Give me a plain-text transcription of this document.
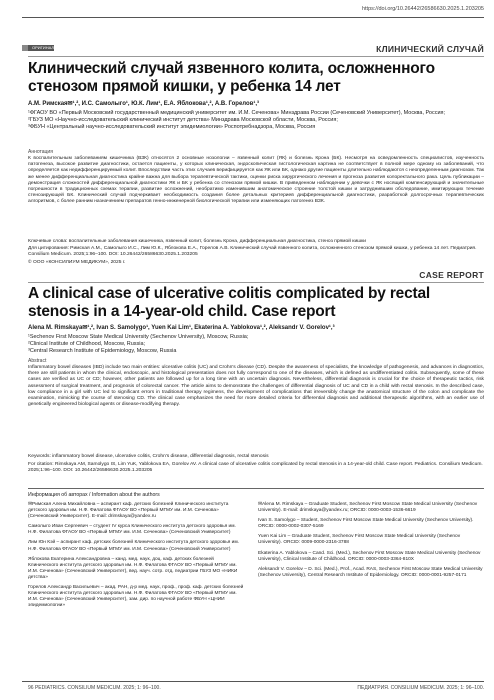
https://doi.org/10.26442/26586630.2025.1.203205
ОРИГИНАЛЬНАЯ СТАТЬЯ	КЛИНИЧЕСКИЙ СЛУЧАЙ
Клинический случай язвенного колита, осложненного стенозом прямой кишки, у ребенка 14 лет
А.М. Римская✉¹,², И.С. Самолыго¹, Ю.К. Лим¹, Е.А. Яблокова¹,², А.В. Горелов¹,³

¹ФГАОУ ВО «Первый Московский государственный медицинский университет им. И.М. Сеченова» Минздрава России (Сеченовский Университет), Москва, Россия;

²ГБУЗ МО «Научно-исследовательский клинический институт детства» Минздрава Московской области, Москва, Россия;

³ФБУН «Центральный научно-исследовательский институт эпидемиологии» Роспотребнадзора, Москва, Россия

Аннотация

К воспалительным заболеваниям кишечника (ВЗК) относятся 2 основные нозологии – язвенный колит (ЯК) и болезнь Крона (БК). Несмотря на осведомленность специалистов, изученность патогенеза, высокое развитие диагностики, остается пациенты, у которых клиническая, эндоскопическая гистологическая картина не соответствует в полной мере одному из заболеваний, что определяется как недифференцируемый колит. Впоследствии часть этих случаев верифицируется как ЯК или БК, однако другие пациенты длительно наблюдаются с неопределенным диагнозом. Так же менее дифференциальная диагностика крайне важна для выбора терапевтической тактики, оценки риска хирургического лечения и прогноза развития колоректального рака. Цель публикации – демонстрация сложностей дифференциальной диагностики ЯК и БК у ребенка со стенозом прямой кишки. В приведенном наблюдении у девочки с ЯК носящий компенсирующий и значительные погрешности в традиционных схемах терапии, развитие осложнений, необратимо изменившим анатомическое строение толстой кишки и затруднившим обследование, имитирующих течение стенозирующей БК. Клинический случай подчеркивает необходимость создания более детальных критериев дифференциальной диагностики, разработкой долгосрочных терапевтических алгоритмов, с более ранним назначением препаратов генно-инженерной биологической терапии или изменяющих патогенез ВЗК.

Ключевые слова: воспалительные заболевания кишечника, язвенный колит, болезнь Крона, дифференциальная диагностика, стеноз прямой кишки

Для цитирования: Римская А.М., Самолыго И.С., Лим Ю.К., Яблокова Е.А., Горелов А.В. Клинический случай язвенного колита, осложненного стенозом прямой кишки, у ребенка 14 лет. Педиатрия. Consilium Medicum. 2025;1:96–100. DOI: 10.26442/26586630.2025.1.203205

© ООО «КОНСИЛИУМ МЕДИКУМ», 2025 г.

CASE REPORT
A clinical case of ulcerative colitis complicated by rectal stenosis in a 14-year-old child. Case report
Alena M. Rimskaya✉¹,², Ivan S. Samolygo¹, Yuen Kai Lim¹, Ekaterina A. Yablokova¹,², Aleksandr V. Gorelov¹,³

¹Sechenov First Moscow State Medical University (Sechenov University), Moscow, Russia;

²Clinical Institute of Childhood, Moscow, Russia;

³Central Research Institute of Epidemiology, Moscow, Russia

Abstract

Inflammatory bowel diseases (IBD) include two main entities: ulcerative colitis (UC) and Crohn's disease (CD). Despite the awareness of specialists, the knowledge of pathogenesis, and advances in diagnostics, there are still patients in whom the clinical, endoscopic, and histological presentation does not fully correspond to one of the diseases, which is defined as undifferentiated colitis. Subsequently, some of these cases are verified as UC or CD; however, other patients are followed up for a long time with an uncertain diagnosis. Nevertheless, differential diagnosis is crucial for the choice of therapeutic tactics, risk assessment of surgical treatment, and prognosis of colorectal cancer. The article aims to demonstrate the challenges of differential diagnosis of UC and CD in a child with rectal stenosis. In the described case, low compliance in a girl with UC led to significant errors in traditional therapy regimens, the development of complications that irreversibly change the anatomical structure of the colon and complicate the examination, mimicking the course of stenosing CD. The clinical case emphasizes the need for more detailed criteria for differential diagnosis and additional therapeutic algorithms, with an earlier use of genetically engineered biological agents or disease-modifying therapy.

Keywords: inflammatory bowel disease, ulcerative colitis, Crohn's disease, differential diagnosis, rectal stenosis

For citation: Rimskaya AM, Samolygo IS, Lim YuK, Yablokova EA, Gorelov AV. A clinical case of ulcerative colitis complicated by rectal stenosis in a 14-year-old child. Case report. Pediatrics. Consilium Medicum. 2025;1:96–100. DOI: 10.26442/26586630.2025.1.203205

Информация об авторах / Information about the authors

✉Римская Алена Михайловна – аспирант каф. детских болезней Клинического института детского здоровья им. Н.Ф. Филатова ФГАОУ ВО «Первый МГМУ им. И.М. Сеченова» (Сеченовский Университет). E-mail: drimskaya@yandex.ru

Самолыго Иван Сергеевич – студент IV курса Клинического института детского здоровья им. Н.Ф. Филатова ФГАОУ ВО «Первый МГМУ им. И.М. Сеченова» (Сеченовский Университет)

Лим Юн Кэй – аспирант каф. детских болезней Клинического института детского здоровья им. Н.Ф. Филатова ФГАОУ ВО «Первый МГМУ им. И.М. Сеченова» (Сеченовский Университет)

Яблокова Екатерина Александровна – канд. мед. наук, доц. каф. детских болезней Клинического института детского здоровья им. Н.Ф. Филатова ФГАОУ ВО «Первый МГМУ им. И.М. Сеченова» (Сеченовский Университет), вед. науч. сотр. отд. педиатрии ГБУЗ МО «НИКИ детства»

Горелов Александр Васильевич – акад. РАН, д-р мед. наук, проф., проф. каф. детских болезней Клинического института детского здоровья им. Н.Ф. Филатова ФГАОУ ВО «Первый МГМУ им. И.М. Сеченова» (Сеченовский Университет), зам. дир. по научной работе ФБУН «ЦНИИ эпидемиологии»

✉Alena M. Rimskaya – Graduate Student, Sechenov First Moscow State Medical University (Sechenov University). E-mail: drimskaya@yandex.ru; ORCID: 0000-0003-1536-6619

Ivan S. Samolygo – Student, Sechenov First Moscow State Medical University (Sechenov University). ORCID: 0000-0002-0307-5169

Yuen Kai Lim – Graduate Student, Sechenov First Moscow State Medical University (Sechenov University). ORCID: 0009-0000-2316-3788

Ekaterina A. Yablokova – Cand. Sci. (Med.), Sechenov First Moscow State Medical University (Sechenov University), Clinical Institute of Childhood. ORCID: 0000-0003-3364-810X

Aleksandr V. Gorelov – D. Sci. (Med.), Prof., Acad. RAS, Sechenov First Moscow State Medical University (Sechenov University), Central Research Institute of Epidemiology. ORCID: 0000-0001-9257-0171

96 PEDIATRICS. CONSILIUM MEDICUM. 2025; 1: 96–100.	ПЕДИАТРИЯ. CONSILIUM MEDICUM. 2025; 1: 96–100.
